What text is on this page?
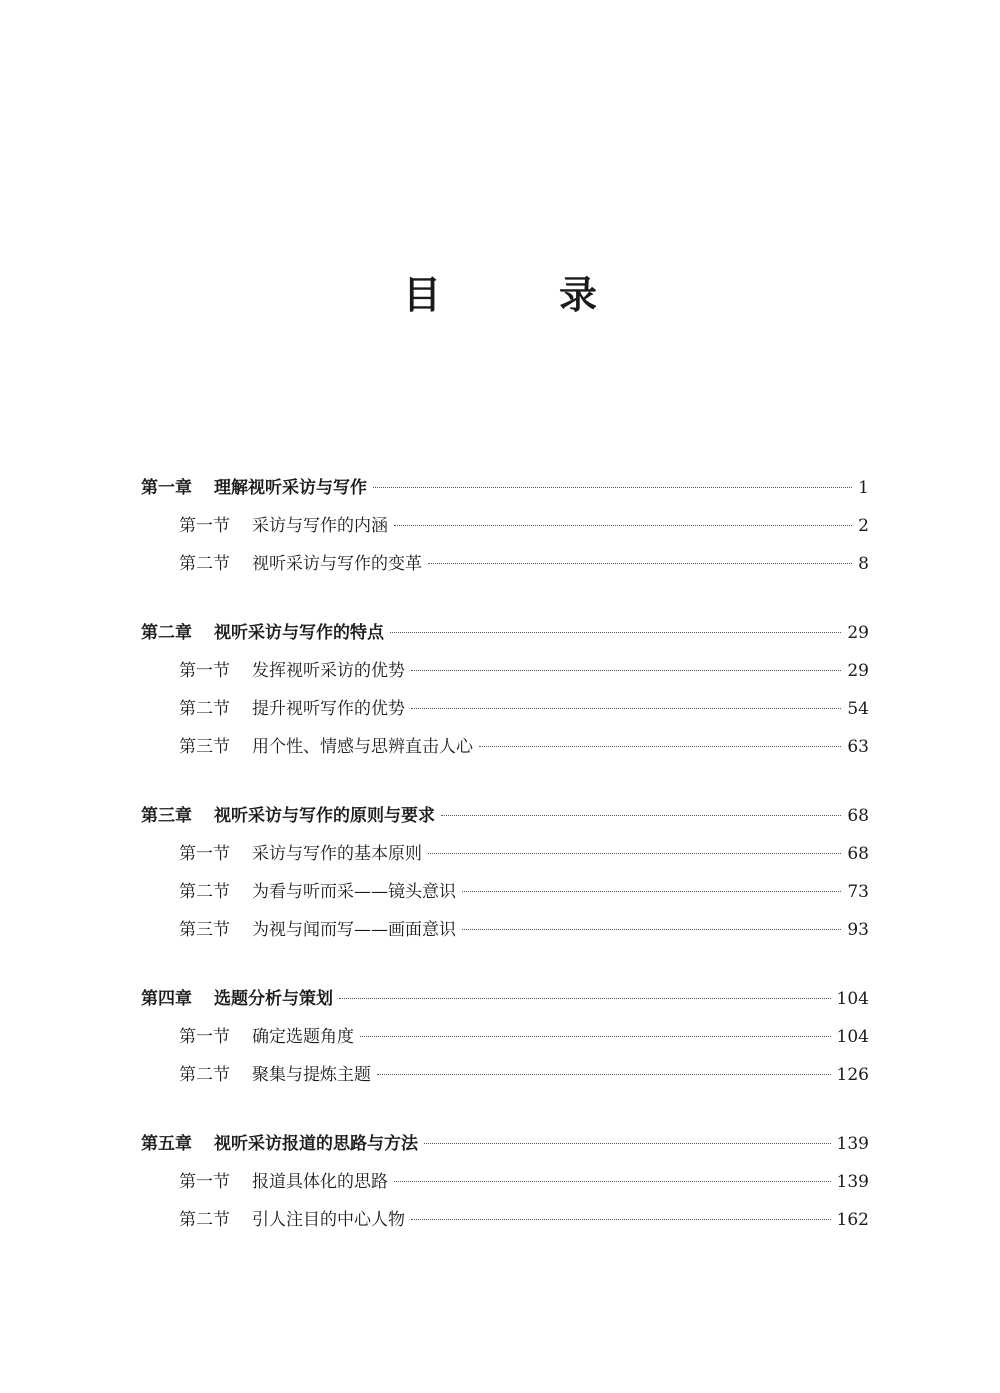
目　录
第一章 理解视听采访与写作	1
第一节 采访与写作的内涵	2
第二节 视听采访与写作的变革	8
第二章 视听采访与写作的特点	29
第一节 发挥视听采访的优势	29
第二节 提升视听写作的优势	54
第三节 用个性、情感与思辨直击人心	63
第三章 视听采访与写作的原则与要求	68
第一节 采访与写作的基本原则	68
第二节 为看与听而采——镜头意识	73
第三节 为视与闻而写——画面意识	93
第四章 选题分析与策划	104
第一节 确定选题角度	104
第二节 聚集与提炼主题	126
第五章 视听采访报道的思路与方法	139
第一节 报道具体化的思路	139
第二节 引人注目的中心人物	162
